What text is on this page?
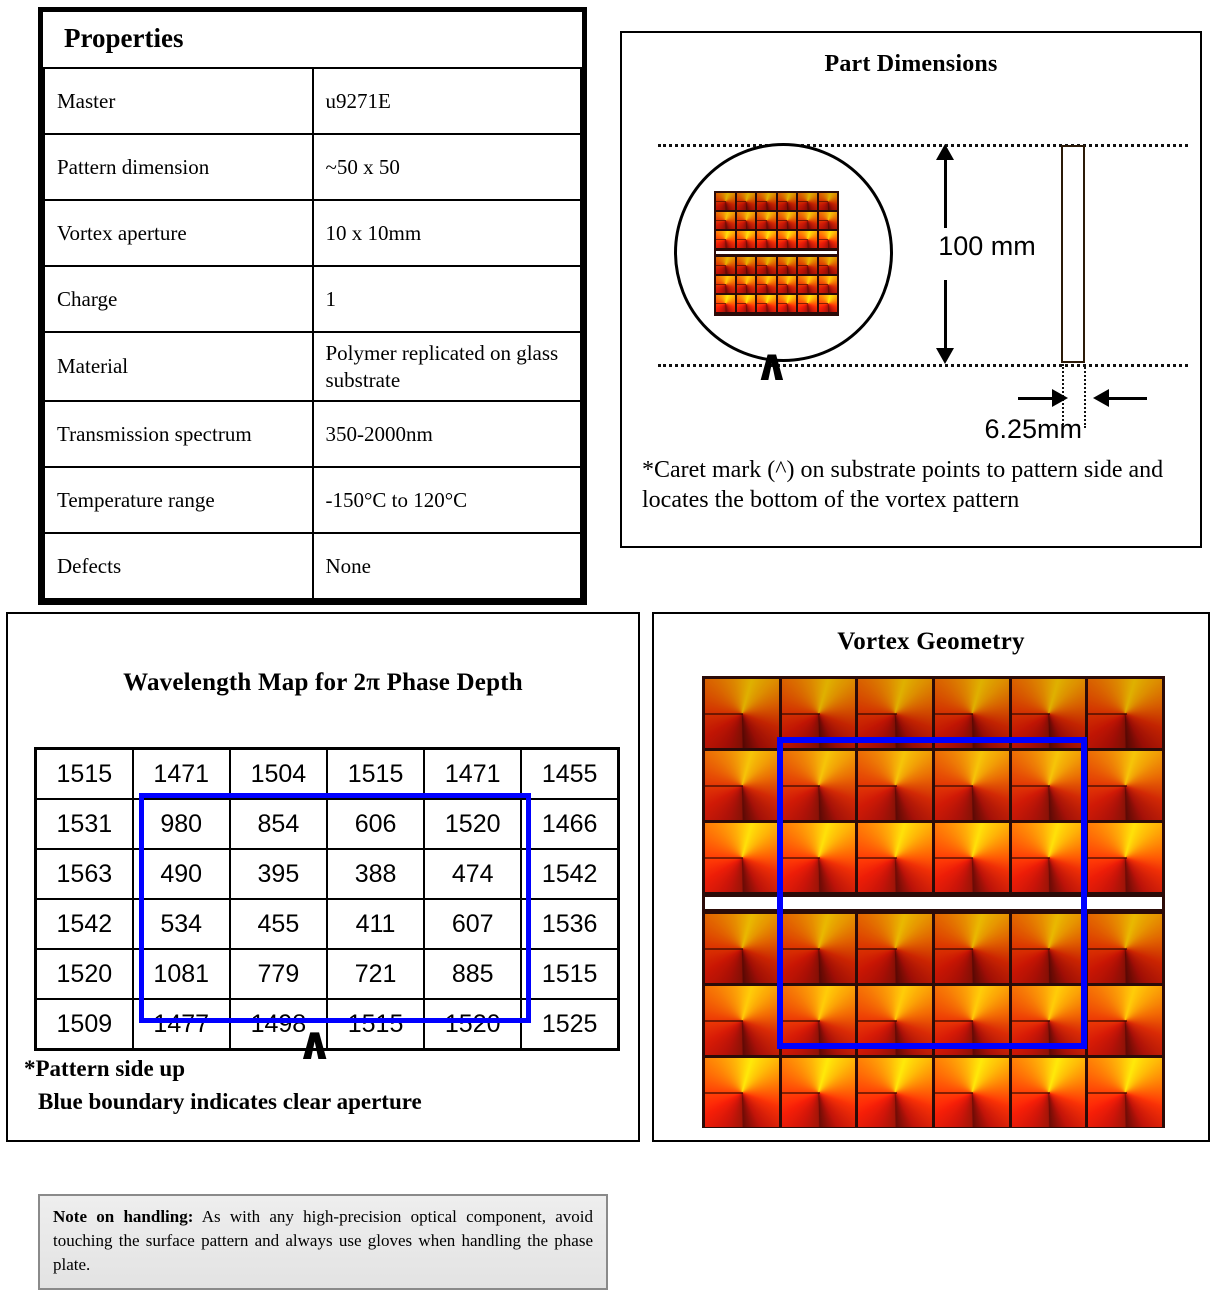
Properties	
Master	u9271E
Pattern dimension	~50 x 50
Vortex aperture	10 x 10mm
Charge	1
Material	Polymer replicated on glass substrate
Transmission spectrum	350-2000nm
Temperature range	-150°C to 120°C
Defects	None
Part Dimensions
∧
100 mm
6.25mm
*Caret mark (^) on substrate points to pattern side and locates the bottom of the vortex pattern
Wavelength Map for 2π Phase Depth
1515	1471	1504	1515	1471	1455
1531	980	854	606	1520	1466
1563	490	395	388	474	1542
1542	534	455	411	607	1536
1520	1081	779	721	885	1515
1509	1477	1498	1515	1520	1525
∧
*Pattern side up
Blue boundary indicates clear aperture
Vortex Geometry
Note on handling: As with any high-precision optical component, avoid touching the surface pattern and always use gloves when handling the phase plate.
